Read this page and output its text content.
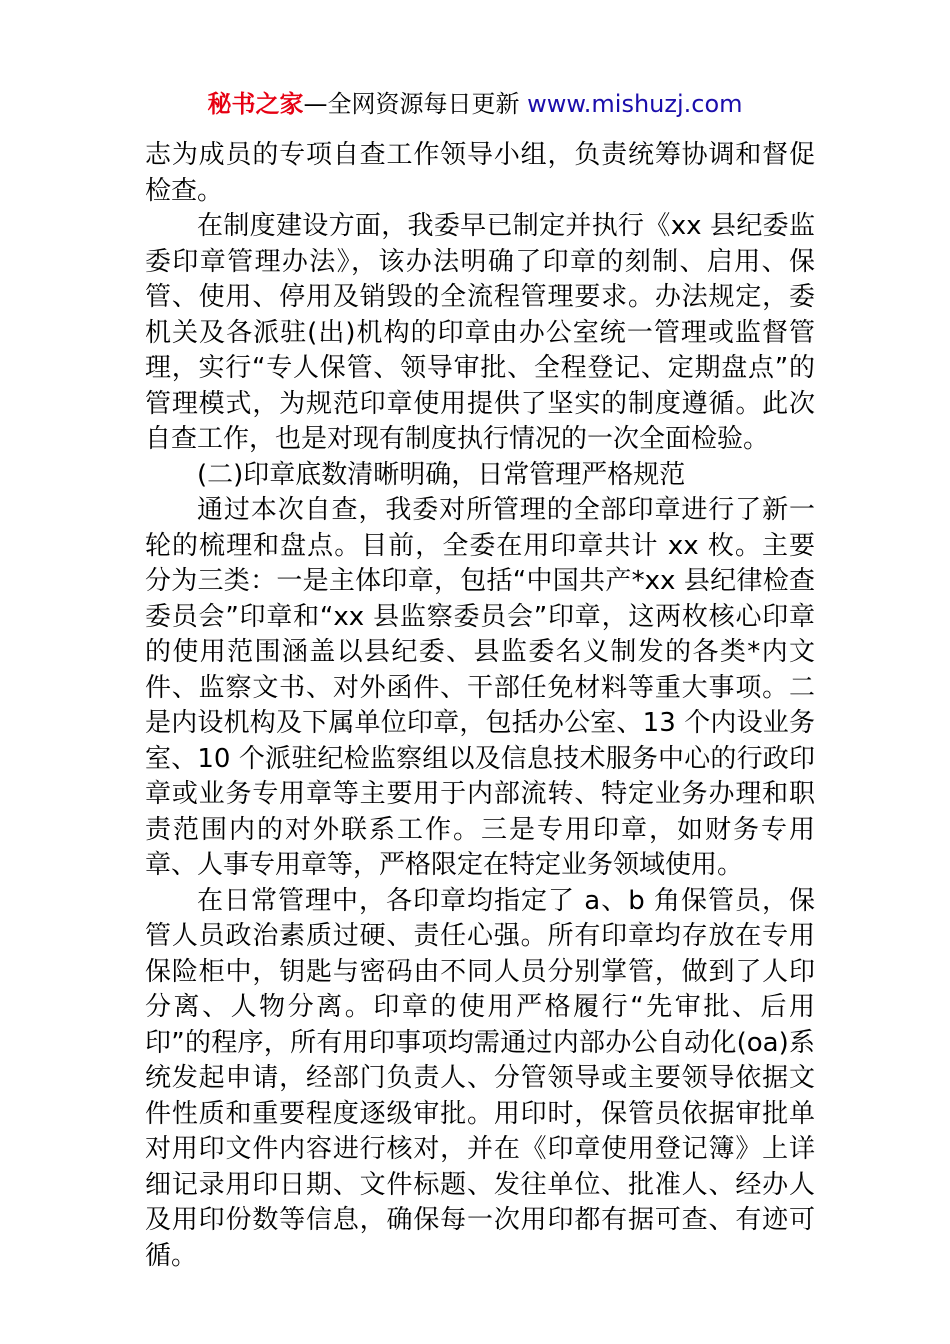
秘书之家—全网资源每日更新 www.mishuzj.com

志为成员的专项自查工作领导小组，负责统筹协调和督促检查。

在制度建设方面，我委早已制定并执行《xx 县纪委监委印章管理办法》，该办法明确了印章的刻制、启用、保管、使用、停用及销毁的全流程管理要求。办法规定，委机关及各派驻(出)机构的印章由办公室统一管理或监督管理，实行“专人保管、领导审批、全程登记、定期盘点”的管理模式，为规范印章使用提供了坚实的制度遵循。此次自查工作，也是对现有制度执行情况的一次全面检验。

(二)印章底数清晰明确，日常管理严格规范

通过本次自查，我委对所管理的全部印章进行了新一轮的梳理和盘点。目前，全委在用印章共计 xx 枚。主要分为三类：一是主体印章，包括“中国共产*xx 县纪律检查委员会”印章和“xx 县监察委员会”印章，这两枚核心印章的使用范围涵盖以县纪委、县监委名义制发的各类*内文件、监察文书、对外函件、干部任免材料等重大事项。二是内设机构及下属单位印章，包括办公室、13 个内设业务室、10 个派驻纪检监察组以及信息技术服务中心的行政印章或业务专用章等主要用于内部流转、特定业务办理和职责范围内的对外联系工作。三是专用印章，如财务专用章、人事专用章等，严格限定在特定业务领域使用。

在日常管理中，各印章均指定了 a、b 角保管员，保管人员政治素质过硬、责任心强。所有印章均存放在专用保险柜中，钥匙与密码由不同人员分别掌管，做到了人印分离、人物分离。印章的使用严格履行“先审批、后用印”的程序，所有用印事项均需通过内部办公自动化(oa)系统发起申请，经部门负责人、分管领导或主要领导依据文件性质和重要程度逐级审批。用印时，保管员依据审批单对用印文件内容进行核对，并在《印章使用登记簿》上详细记录用印日期、文件标题、发往单位、批准人、经办人及用印份数等信息，确保每一次用印都有据可查、有迹可循。
